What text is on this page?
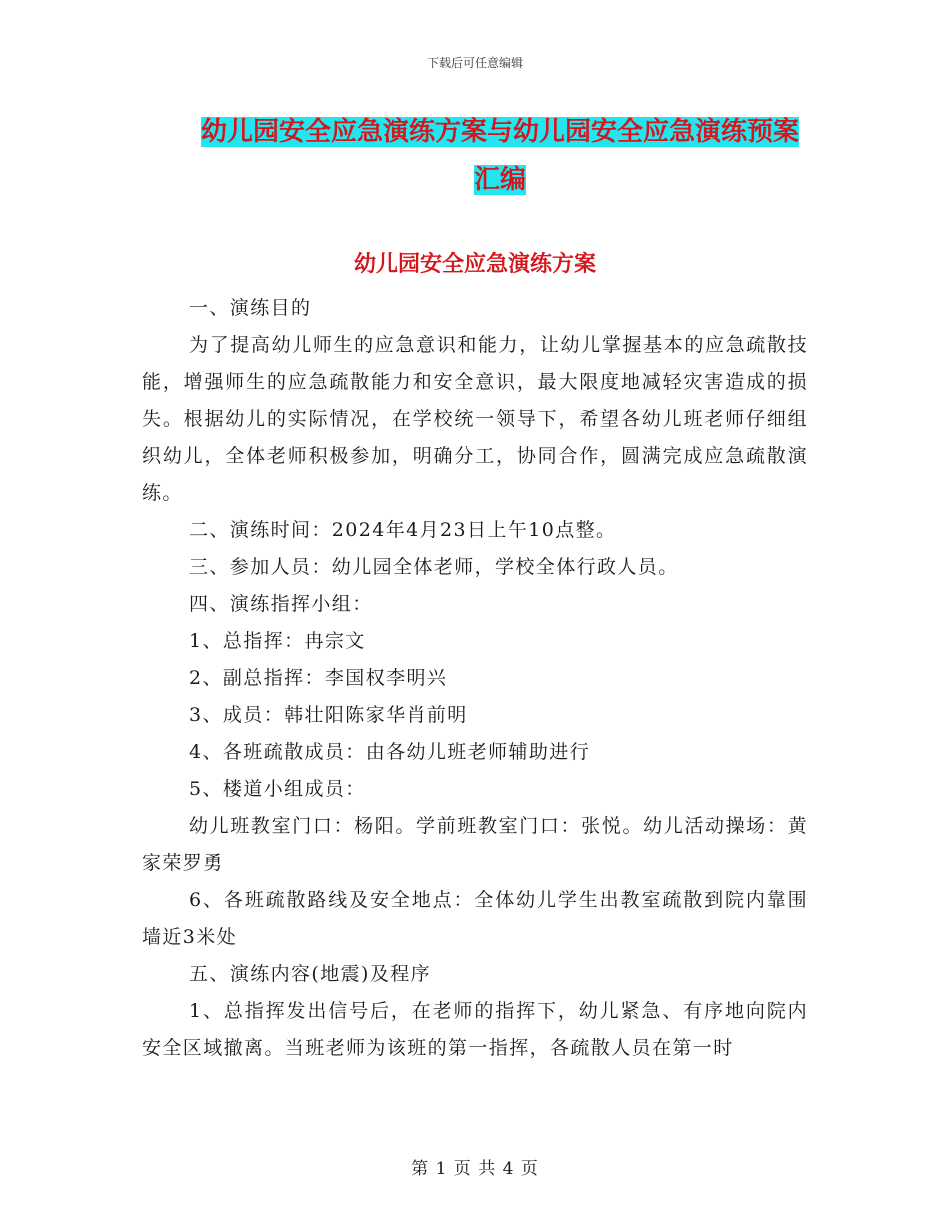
下载后可任意编辑
幼儿园安全应急演练方案与幼儿园安全应急演练预案
汇编
幼儿园安全应急演练方案

一、演练目的

为了提高幼儿师生的应急意识和能力，让幼儿掌握基本的应急疏散技能，增强师生的应急疏散能力和安全意识，最大限度地减轻灾害造成的损失。根据幼儿的实际情况，在学校统一领导下，希望各幼儿班老师仔细组织幼儿，全体老师积极参加，明确分工，协同合作，圆满完成应急疏散演练。

二、演练时间：2024年4月23日上午10点整。

三、参加人员：幼儿园全体老师，学校全体行政人员。

四、演练指挥小组：

1、总指挥：冉宗文

2、副总指挥：李国权李明兴

3、成员：韩壮阳陈家华肖前明

4、各班疏散成员：由各幼儿班老师辅助进行

5、楼道小组成员：

幼儿班教室门口：杨阳。学前班教室门口：张悦。幼儿活动操场：黄家荣罗勇

6、各班疏散路线及安全地点：全体幼儿学生出教室疏散到院内靠围墙近3米处

五、演练内容(地震)及程序

1、总指挥发出信号后，在老师的指挥下，幼儿紧急、有序地向院内安全区域撤离。当班老师为该班的第一指挥，各疏散人员在第一时

第 1 页 共 4 页
